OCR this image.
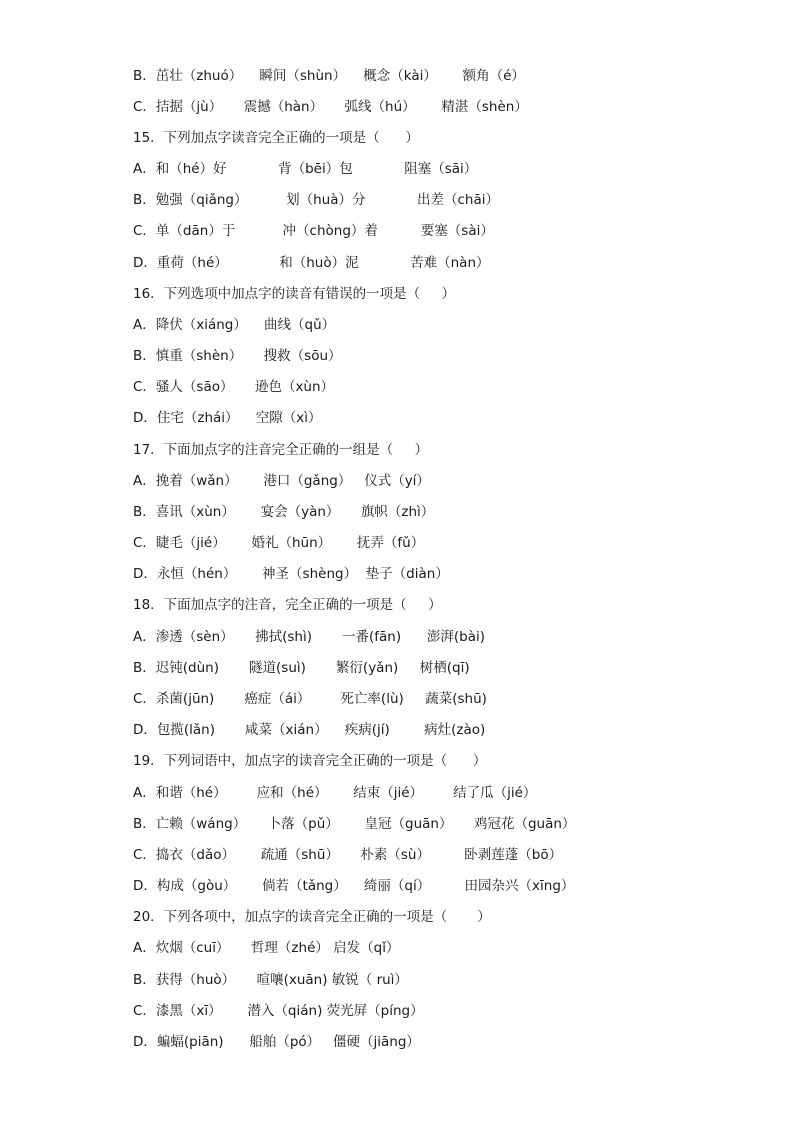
B．茁壮（zhuó）    瞬间（shùn）    概念（kài）      额角（é）
C．拮据（jù）     震撼（hàn）     弧线（hú）      精湛（shèn）
15．下列加点字读音完全正确的一项是（      ）
A．和（hé）好            背（bēi）包            阻塞（sāi）
B．勉强（qiǎng）         划（huà）分            出差（chāi）
C．单（dān）于           冲（chòng）着          要塞（sài）
D．重荷（hé）            和（huò）泥            苦难（nàn）
16．下列选项中加点字的读音有错误的一项是（     ）
A．降伏（xiáng）    曲线（qǔ）
B．慎重（shèn）     搜救（sōu）
C．骚人（sāo）     逊色（xùn）
D．住宅（zhái）    空隙（xì）
17．下面加点字的注音完全正确的一组是（     ）
A．挽着（wǎn）      港口（gǎng）   仪式（yí）
B．喜讯（xùn）      宴会（yàn）     旗帜（zhì）
C．睫毛（jié）      婚礼（hūn）      抚弄（fǔ）
D．永恒（hén）      神圣（shèng）  垫子（diàn）
18．下面加点字的注音，完全正确的一项是（     ）
A．渗透（sèn）     拂拭(shì)       一番(fān)      澎湃(bài)
B．迟钝(dùn)       隧道(suì)       繁衍(yǎn)     树栖(qī)
C．杀菌(jūn)       癌症（ái）       死亡率(lù)     蔬菜(shū)
D．包揽(lǎn)       咸菜（xián）    疾病(jí)        病灶(zào)
19．下列词语中，加点字的读音完全正确的一项是（      ）
A．和谐（hé）       应和（hé）      结束（jié）       结了瓜（jié）
B．亡赖（wáng）     卜落（pǔ）      皇冠（guān）     鸡冠花（guān）
C．捣衣（dǎo）      疏通（shū）     朴素（sù）        卧剥莲蓬（bō）
D．构成（gòu）      倘若（tǎng）    绮丽（qí）        田园杂兴（xīng）
20．下列各项中，加点字的读音完全正确的一项是（       ）
A．炊烟（cuī）     哲理（zhé） 启发（qǐ）
B．获得（huò）     喧嚷(xuān) 敏锐（ ruì）
C．漆黑（xī）      潜入（qián) 荧光屏（píng）
D．蝙蝠(piān)      船舶（pó）   僵硬（jiāng）
